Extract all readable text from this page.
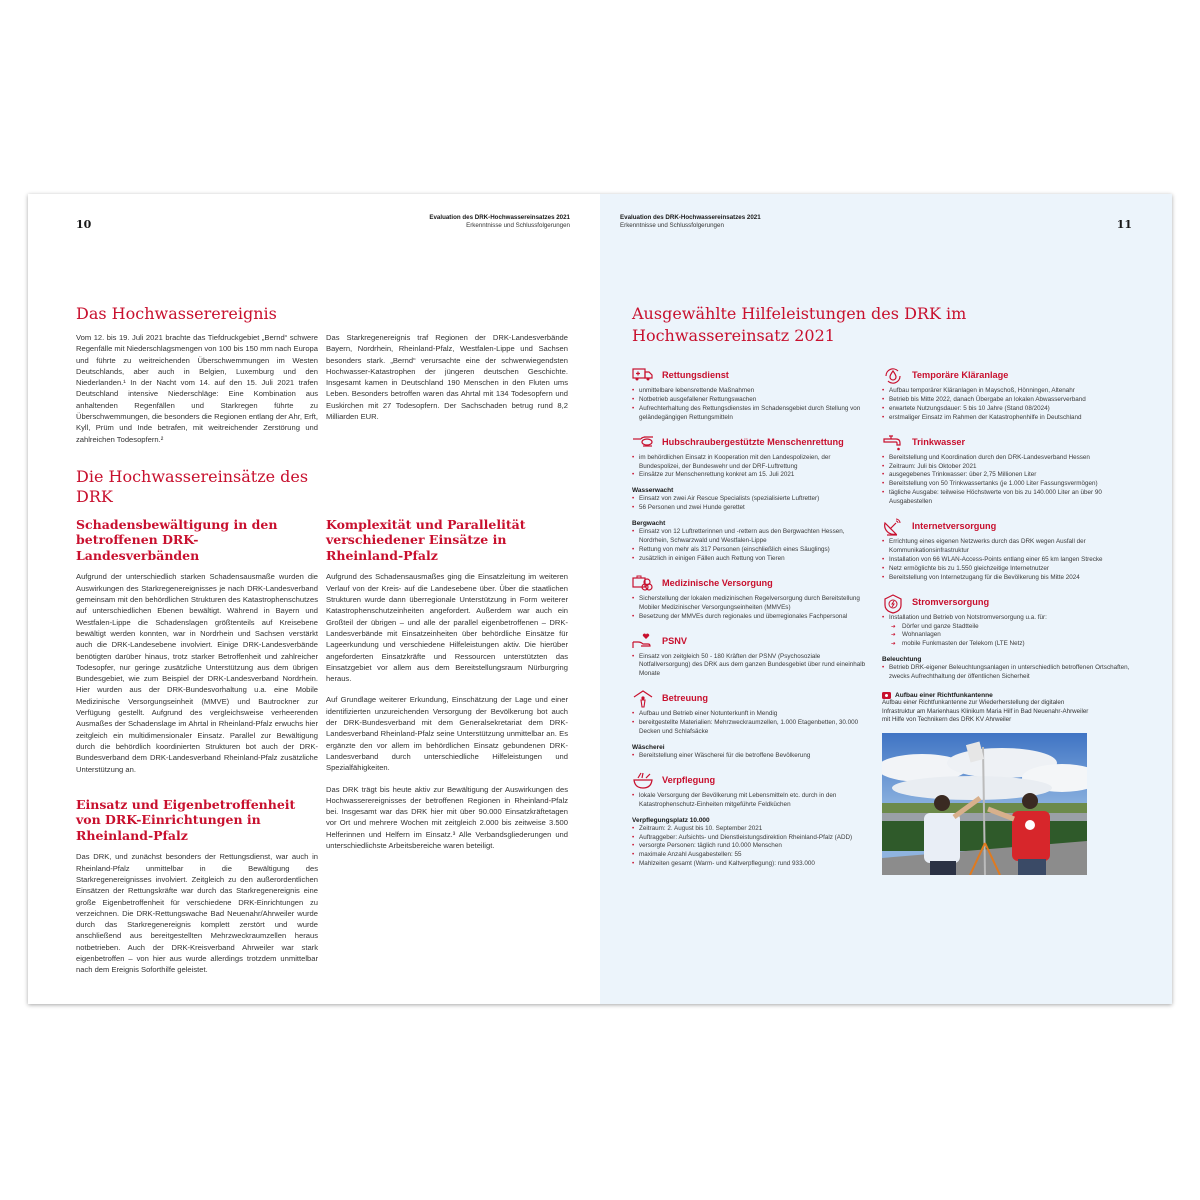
10
Evaluation des DRK-Hochwassereinsatzes 2021
Erkenntnisse und Schlussfolgerungen
Das Hochwasserereignis

Vom 12. bis 19. Juli 2021 brachte das Tiefdruckgebiet „Bernd“ schwere Regenfälle mit Niederschlagsmengen von 100 bis 150 mm nach Europa und führte zu weitreichenden Überschwemmungen im Westen Deutschlands, aber auch in Belgien, Luxemburg und den Niederlanden.¹ In der Nacht vom 14. auf den 15. Juli 2021 trafen Deutschland intensive Niederschläge: Eine Kombination aus anhaltenden Regenfällen und Starkregen führte zu Überschwemmungen, die besonders die Regionen entlang der Ahr, Erft, Kyll, Prüm und Inde betrafen, mit weitreichender Zerstörung und zahlreichen Todesopfern.²

Die Hochwassereinsätze des DRK
Schadensbewältigung in den betroffenen DRK-Landesverbänden

Aufgrund der unterschiedlich starken Schadensausmaße wurden die Auswirkungen des Starkregenereignisses je nach DRK-Landesverband gemeinsam mit den behördlichen Strukturen des Katastrophenschutzes auf unterschiedlichen Ebenen bewältigt. Während in Bayern und Westfalen-Lippe die Schadenslagen größtenteils auf Kreisebene bewältigt werden konnten, war in Nordrhein und Sachsen verstärkt auch die DRK-Landesebene involviert. Einige DRK-Landesverbände benötigten darüber hinaus, trotz starker Betroffenheit und zahlreicher Todesopfer, nur geringe zusätzliche Unterstützung aus dem übrigen Bundesgebiet, wie zum Beispiel der DRK-Landesverband Nordrhein. Hier wurden aus der DRK-Bundesvorhaltung u.a. eine Mobile Medizinische Versorgungseinheit (MMVE) und Bautrockner zur Verfügung gestellt. Aufgrund des vergleichsweise verheerenden Ausmaßes der Schadenslage im Ahrtal in Rheinland-Pfalz erwuchs hier zeitgleich ein multidimensionaler Einsatz. Parallel zur Bewältigung durch die behördlich koordinierten Strukturen bot auch der DRK-Bundesverband dem DRK-Landesverband Rheinland-Pfalz zusätzliche Unterstützung an.

Einsatz und Eigenbetroffenheit von DRK-Einrichtungen in Rheinland-Pfalz

Das DRK, und zunächst besonders der Rettungsdienst, war auch in Rheinland-Pfalz unmittelbar in die Bewältigung des Starkregenereignisses involviert. Zeitgleich zu den außerordentlichen Einsätzen der Rettungskräfte war durch das Starkregenereignis eine große Eigenbetroffenheit für verschiedene DRK-Einrichtungen zu verzeichnen. Die DRK-Rettungswache Bad Neuenahr/Ahrweiler wurde durch das Starkregenereignis komplett zerstört und wurde anschließend aus bereitgestellten Mehrzweckraumzellen heraus notbetrieben. Auch der DRK-Kreisverband Ahrweiler war stark eigenbetroffen – von hier aus wurde allerdings trotzdem unmittelbar nach dem Ereignis Soforthilfe geleistet.

Das Starkregenereignis traf Regionen der DRK-Landesverbände Bayern, Nordrhein, Rheinland-Pfalz, Westfalen-Lippe und Sachsen besonders stark. „Bernd“ verursachte eine der schwerwiegendsten Hochwasser-Katastrophen der jüngeren deutschen Geschichte. Insgesamt kamen in Deutschland 190 Menschen in den Fluten ums Leben. Besonders betroffen waren das Ahrtal mit 134 Todesopfern und Euskirchen mit 27 Todesopfern. Der Sachschaden betrug rund 8,2 Milliarden EUR.

Komplexität und Parallelität verschiedener Einsätze in Rheinland-Pfalz

Aufgrund des Schadensausmaßes ging die Einsatzleitung im weiteren Verlauf von der Kreis- auf die Landesebene über. Über die staatlichen Strukturen wurde dann überregionale Unterstützung in Form weiterer Katastrophenschutzeinheiten angefordert. Außerdem war auch ein Großteil der übrigen – und alle der parallel eigenbetroffenen – DRK-Landesverbände mit Einsatzeinheiten über behördliche Einsätze für Lageerkundung und verschiedene Hilfeleistungen aktiv. Die hierüber angeforderten Einsatzkräfte und Ressourcen unterstützten das Einsatzgebiet vor allem aus dem Bereitstellungsraum Nürburgring heraus.

Auf Grundlage weiterer Erkundung, Einschätzung der Lage und einer identifizierten unzureichenden Versorgung der Bevölkerung bot auch der DRK-Bundesverband mit dem Generalsekretariat dem DRK-Landesverband Rheinland-Pfalz seine Unterstützung unmittelbar an. Es ergänzte den vor allem im behördlichen Einsatz gebundenen DRK-Landesverband durch unterschiedliche Hilfeleistungen und Spezialfähigkeiten.

Das DRK trägt bis heute aktiv zur Bewältigung der Auswirkungen des Hochwasserereignisses der betroffenen Regionen in Rheinland-Pfalz bei. Insgesamt war das DRK hier mit über 90.000 Einsatzkräftetagen vor Ort und mehrere Wochen mit zeitgleich 2.000 bis zeitweise 3.500 Helferinnen und Helfern im Einsatz.³ Alle Verbandsgliederungen und unterschiedlichste Arbeitsbereiche waren beteiligt.

Evaluation des DRK-Hochwassereinsatzes 2021
Erkenntnisse und Schlussfolgerungen	11
Ausgewählte Hilfeleistungen des DRK im
Hochwassereinsatz 2021
Rettungsdienst
• unmittelbare lebensrettende Maßnahmen
• Notbetrieb ausgefallener Rettungswachen
• Aufrechterhaltung des Rettungsdienstes im Schadensgebiet durch Stellung von geländegängigen Rettungsmitteln
Hubschraubergestützte Menschenrettung
• im behördlichen Einsatz in Kooperation mit den Landespolizeien, der Bundespolizei, der Bundeswehr und der DRF-Luftrettung
• Einsätze zur Menschenrettung konkret am 15. Juli 2021
Wasserwacht
• Einsatz von zwei Air Rescue Specialists (spezialisierte Luftretter)
• 56 Personen und zwei Hunde gerettet
Bergwacht
• Einsatz von 12 Luftretterinnen und -rettern aus den Bergwachten Hessen, Nordrhein, Schwarzwald und Westfalen-Lippe
• Rettung von mehr als 317 Personen (einschließlich eines Säuglings)
• zusätzlich in einigen Fällen auch Rettung von Tieren
Medizinische Versorgung
• Sicherstellung der lokalen medizinischen Regelversorgung durch Bereitstellung Mobiler Medizinischer Versorgungseinheiten (MMVEs)
• Besetzung der MMVEs durch regionales und überregionales Fachpersonal
PSNV
• Einsatz von zeitgleich 50 - 180 Kräften der PSNV (Psychosoziale Notfallversorgung) des DRK aus dem ganzen Bundesgebiet über rund eineinhalb Monate
Betreuung
• Aufbau und Betrieb einer Notunterkunft in Mendig
• bereitgestellte Materialien: Mehrzweckraumzellen, 1.000 Etagenbetten, 30.000 Decken und Schlafsäcke
Wäscherei
• Bereitstellung einer Wäscherei für die betroffene Bevölkerung
Verpflegung
• lokale Versorgung der Bevölkerung mit Lebensmitteln etc. durch in den Katastrophenschutz-Einheiten mitgeführte Feldküchen
Verpflegungsplatz 10.000
• Zeitraum: 2. August bis 10. September 2021
• Auftraggeber: Aufsichts- und Dienstleistungsdirektion Rheinland-Pfalz (ADD)
• versorgte Personen: täglich rund 10.000 Menschen
• maximale Anzahl Ausgabestellen: 55
• Mahlzeiten gesamt (Warm- und Kaltverpflegung): rund 933.000
Temporäre Kläranlage
• Aufbau temporärer Kläranlagen in Mayschoß, Hönningen, Altenahr
• Betrieb bis Mitte 2022, danach Übergabe an lokalen Abwasserverband
• erwartete Nutzungsdauer: 5 bis 10 Jahre (Stand 08/2024)
• erstmaliger Einsatz im Rahmen der Katastrophenhilfe in Deutschland
Trinkwasser
• Bereitstellung und Koordination durch den DRK-Landesverband Hessen
• Zeitraum: Juli bis Oktober 2021
• ausgegebenes Trinkwasser: über 2,75 Millionen Liter
• Bereitstellung von 50 Trinkwassertanks (je 1.000 Liter Fassungsvermögen)
• tägliche Ausgabe: teilweise Höchstwerte von bis zu 140.000 Liter an über 90 Ausgabestellen
Internetversorgung
• Errichtung eines eigenen Netzwerks durch das DRK wegen Ausfall der Kommunikationsinfrastruktur
• Installation von 66 WLAN-Access-Points entlang einer 65 km langen Strecke
• Netz ermöglichte bis zu 1.550 gleichzeitige Internetnutzer
• Bereitstellung von Internetzugang für die Bevölkerung bis Mitte 2024
Stromversorgung
• Installation und Betrieb von Notstromversorgung u.a. für:
➔ Dörfer und ganze Stadtteile
➔ Wohnanlagen
➔ mobile Funkmasten der Telekom (LTE Netz)
Beleuchtung
• Betrieb DRK-eigener Beleuchtungsanlagen in unterschiedlich betroffenen Ortschaften, zwecks Aufrechthaltung der öffentlichen Sicherheit
Aufbau einer Richtfunkantenne
Aufbau einer Richtfunkantenne zur Wiederherstellung der digitalen Infrastruktur am Marienhaus Klinikum Maria Hilf in Bad Neuenahr-Ahrweiler mit Hilfe von Technikern des DRK KV Ahrweiler
